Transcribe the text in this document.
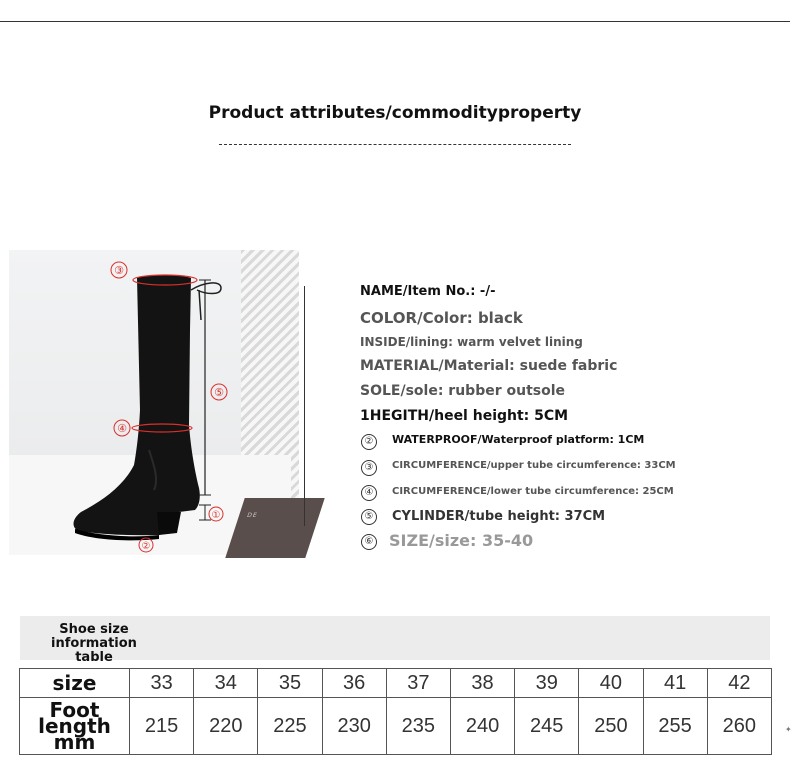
Product attributes/commodityproperty
DE
③
⑤
④
①
②
NAME/Item No.: -/-
COLOR/Color: black
INSIDE/lining: warm velvet lining
MATERIAL/Material: suede fabric
SOLE/sole: rubber outsole
1HEGITH/heel height: 5CM
②	WATERPROOF/Waterproof platform: 1CM
③	CIRCUMFERENCE/upper tube circumference: 33CM
④	CIRCUMFERENCE/lower tube circumference: 25CM
⑤ CYLINDER/tube height: 37CM
⑥ SIZE/size: 35-40
Shoe size information table
size	33	34	35	36	37	38	39	40	41	42
Foot length mm	215	220	225	230	235	240	245	250	255	260	✦
